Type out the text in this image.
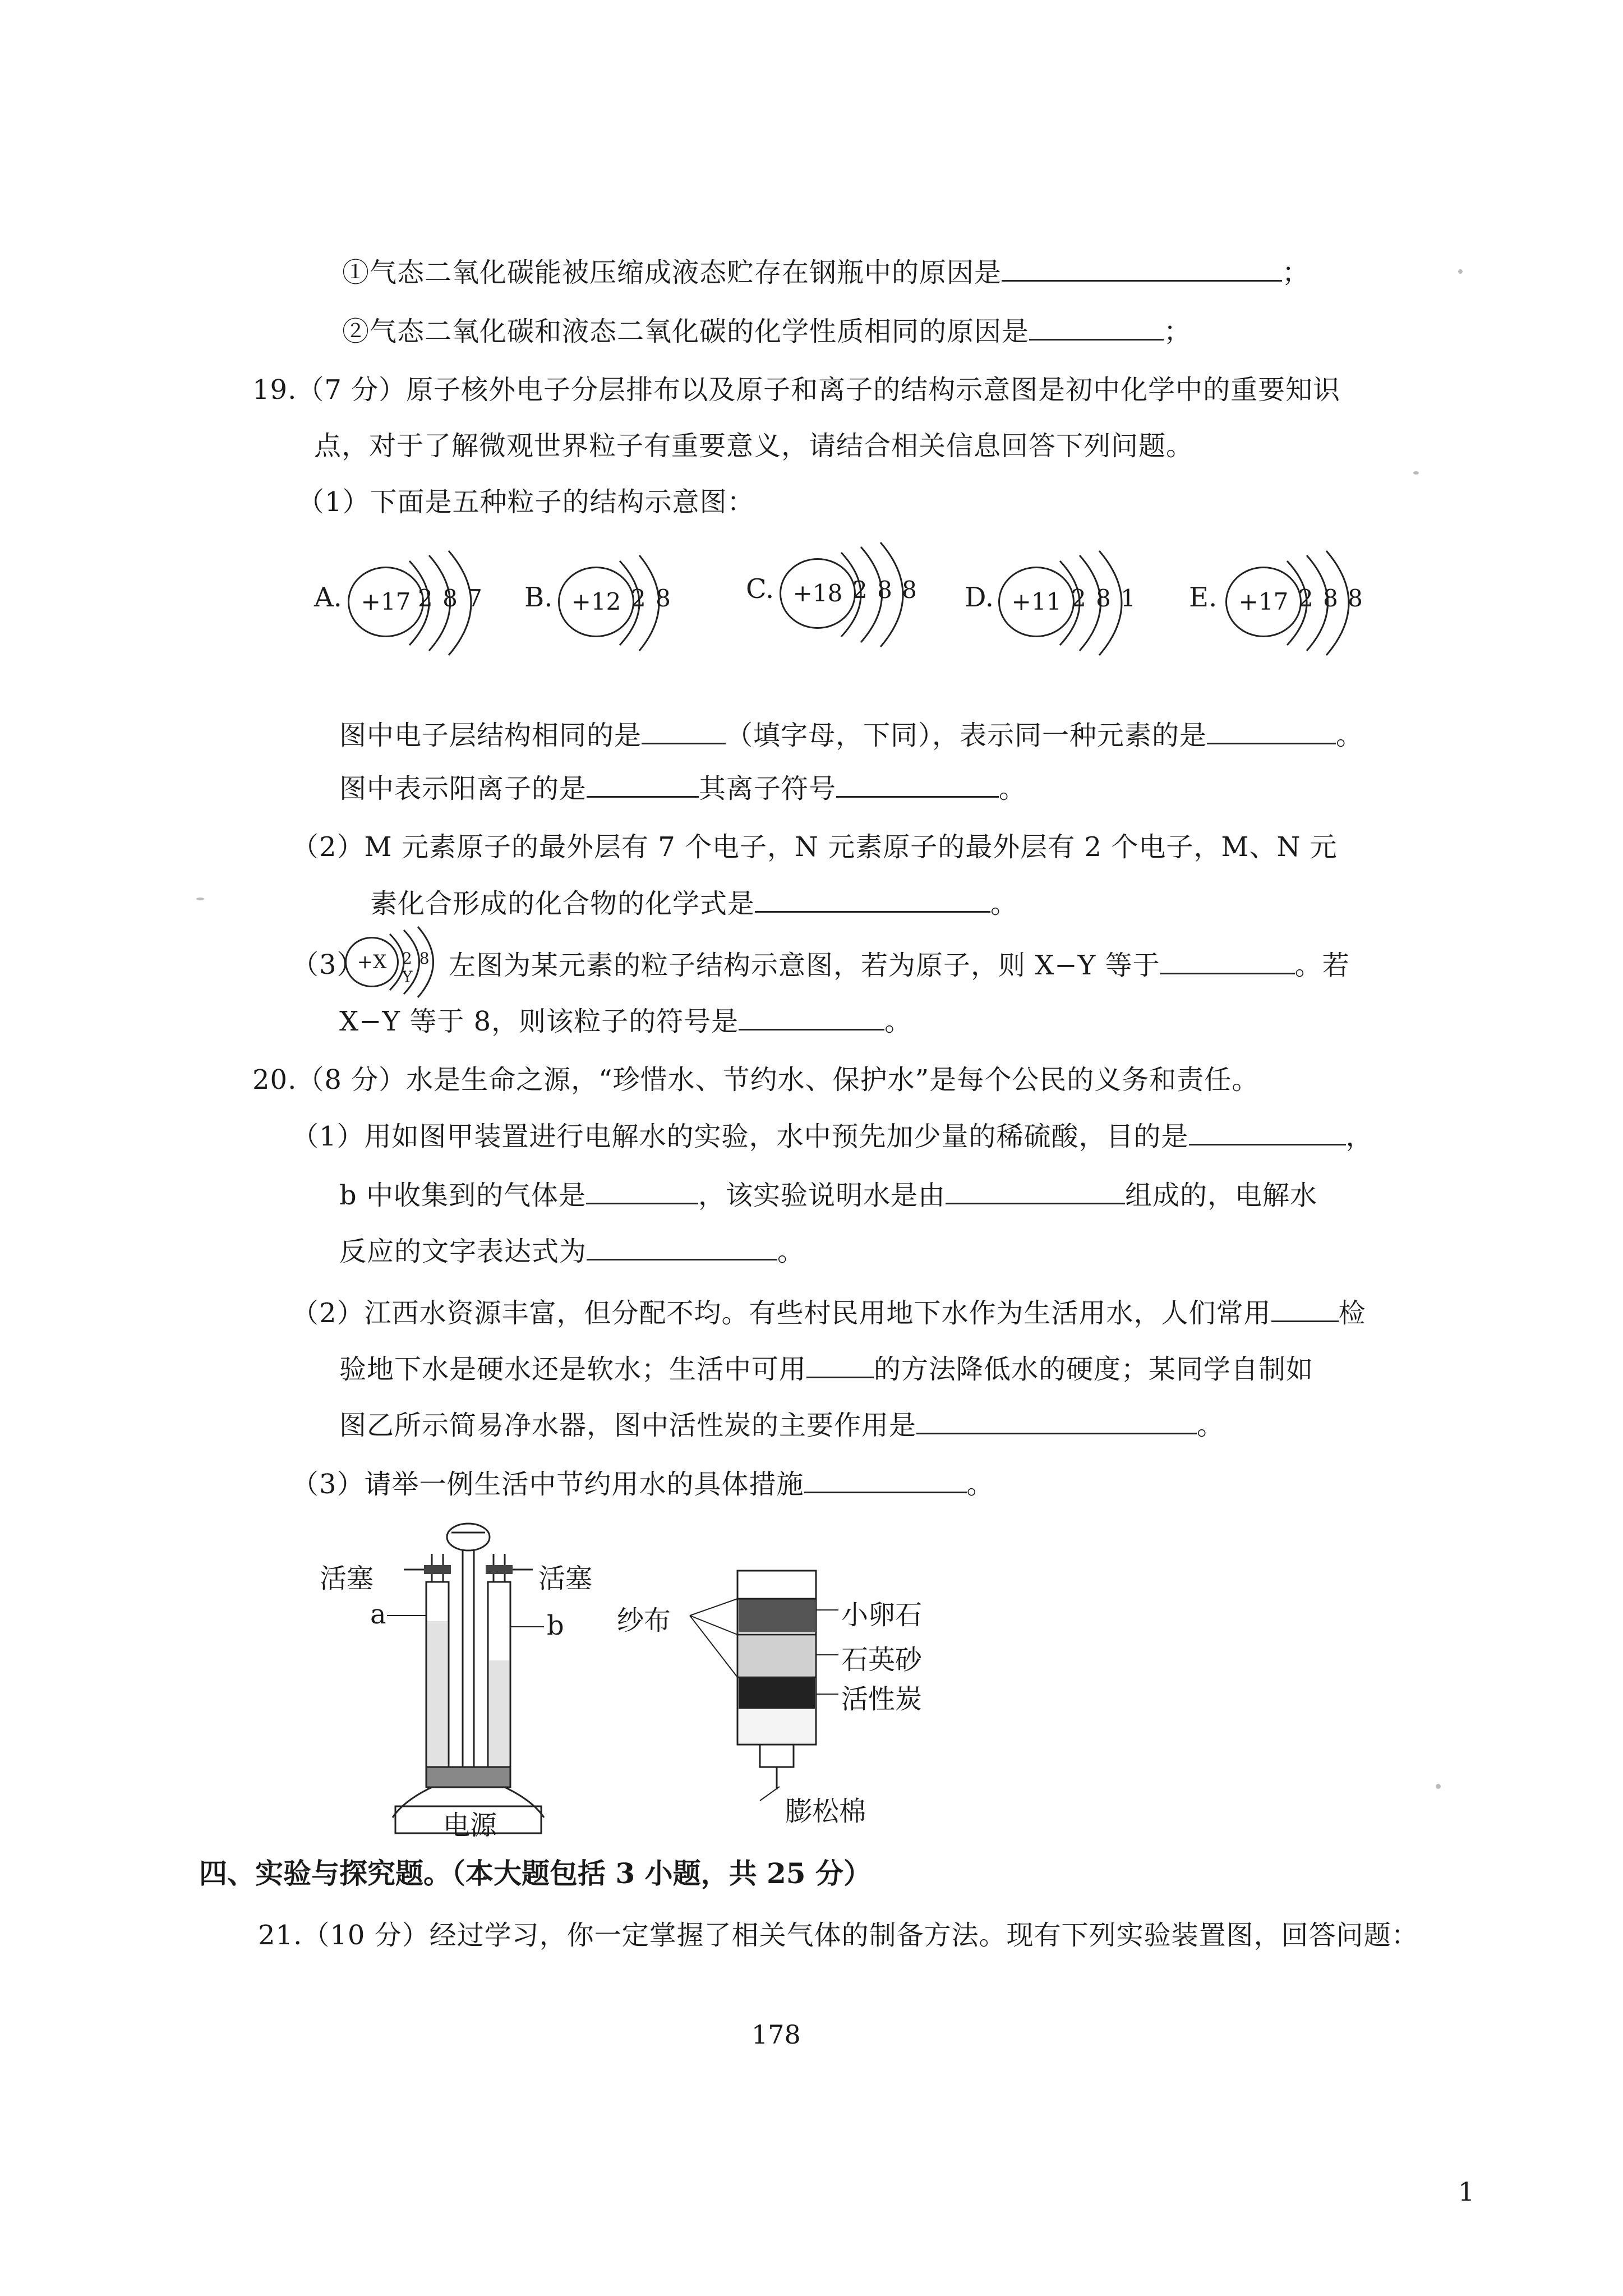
①气态二氧化碳能被压缩成液态贮存在钢瓶中的原因是	；
②气态二氧化碳和液态二氧化碳的化学性质相同的原因是	；
19.（7 分）原子核外电子分层排布以及原子和离子的结构示意图是初中化学中的重要知识
点，对于了解微观世界粒子有重要意义，请结合相关信息回答下列问题。
（1）下面是五种粒子的结构示意图：
A. +17 2 8 7 B. +12 2 8	C. +18 2 8 8 D. +11 2 8 1 E. +17 2 8 8
图中电子层结构相同的是	（填字母，下同），表示同一种元素的是	。
图中表示阳离子的是	其离子符号	。
（2）M 元素原子的最外层有 7 个电子，N 元素原子的最外层有 2 个电子，M、N 元
素化合形成的化合物的化学式是	。
（3）
+X 2 8 Y	左图为某元素的粒子结构示意图，若为原子，则 X−Y 等于	。若
X−Y 等于 8，则该粒子的符号是	。
20.（8 分）水是生命之源，“珍惜水、节约水、保护水”是每个公民的义务和责任。
（1）用如图甲装置进行电解水的实验，水中预先加少量的稀硫酸，目的是	，
b 中收集到的气体是	，该实验说明水是由	组成的，电解水
反应的文字表达式为	。
（2）江西水资源丰富，但分配不均。有些村民用地下水作为生活用水，人们常用	检
验地下水是硬水还是软水；生活中可用	的方法降低水的硬度；某同学自制如
图乙所示简易净水器，图中活性炭的主要作用是	。
（3）请举一例生活中节约用水的具体措施	。
活塞	活塞
a	b
电源
纱布	小卵石
石英砂
活性炭
膨松棉
四、实验与探究题。（本大题包括 3 小题，共 25 分）
21.（10 分）经过学习，你一定掌握了相关气体的制备方法。现有下列实验装置图，回答问题：
178
1
